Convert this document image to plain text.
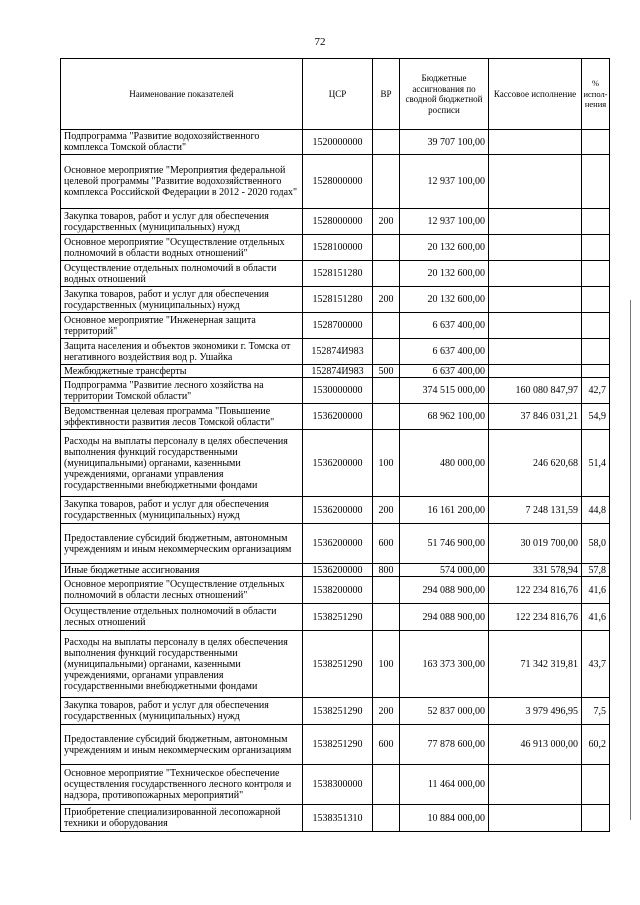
72
Наименование показателей	ЦСР	ВР	Бюджетные ассигнования по сводной бюджетной росписи	Кассовое исполнение	% испол-нения
Подпрограмма "Развитие водохозяйственного комплекса Томской области"	1520000000		39 707 100,00		
Основное мероприятие "Мероприятия федеральной целевой программы "Развитие водохозяйственного комплекса Российской Федерации в 2012 - 2020 годах"	1528000000		12 937 100,00		
Закупка товаров, работ и услуг для обеспечения государственных (муниципальных) нужд	1528000000	200	12 937 100,00		
Основное мероприятие "Осуществление отдельных полномочий в области водных отношений"	1528100000		20 132 600,00		
Осуществление отдельных полномочий в области водных отношений	1528151280		20 132 600,00		
Закупка товаров, работ и услуг для обеспечения государственных (муниципальных) нужд	1528151280	200	20 132 600,00		
Основное мероприятие "Инженерная защита территорий"	1528700000		6 637 400,00		
Защита населения и объектов экономики г. Томска от негативного воздействия вод р. Ушайка	152874И983		6 637 400,00		
Межбюджетные трансферты	152874И983	500	6 637 400,00		
Подпрограмма "Развитие лесного хозяйства на территории Томской области"	1530000000		374 515 000,00	160 080 847,97	42,7
Ведомственная целевая программа "Повышение эффективности развития лесов Томской области"	1536200000		68 962 100,00	37 846 031,21	54,9
Расходы на выплаты персоналу в целях обеспечения выполнения функций государственными (муниципальными) органами, казенными учреждениями, органами управления государственными внебюджетными фондами	1536200000	100	480 000,00	246 620,68	51,4
Закупка товаров, работ и услуг для обеспечения государственных (муниципальных) нужд	1536200000	200	16 161 200,00	7 248 131,59	44,8
Предоставление субсидий бюджетным, автономным учреждениям и иным некоммерческим организациям	1536200000	600	51 746 900,00	30 019 700,00	58,0
Иные бюджетные ассигнования	1536200000	800	574 000,00	331 578,94	57,8
Основное мероприятие "Осуществление отдельных полномочий в области лесных отношений"	1538200000		294 088 900,00	122 234 816,76	41,6
Осуществление отдельных полномочий в области лесных отношений	1538251290		294 088 900,00	122 234 816,76	41,6
Расходы на выплаты персоналу в целях обеспечения выполнения функций государственными (муниципальными) органами, казенными учреждениями, органами управления государственными внебюджетными фондами	1538251290	100	163 373 300,00	71 342 319,81	43,7
Закупка товаров, работ и услуг для обеспечения государственных (муниципальных) нужд	1538251290	200	52 837 000,00	3 979 496,95	7,5
Предоставление субсидий бюджетным, автономным учреждениям и иным некоммерческим организациям	1538251290	600	77 878 600,00	46 913 000,00	60,2
Основное мероприятие "Техническое обеспечение осуществления государственного лесного контроля и надзора, противопожарных мероприятий"	1538300000		11 464 000,00		
Приобретение специализированной лесопожарной техники и оборудования	1538351310		10 884 000,00		
